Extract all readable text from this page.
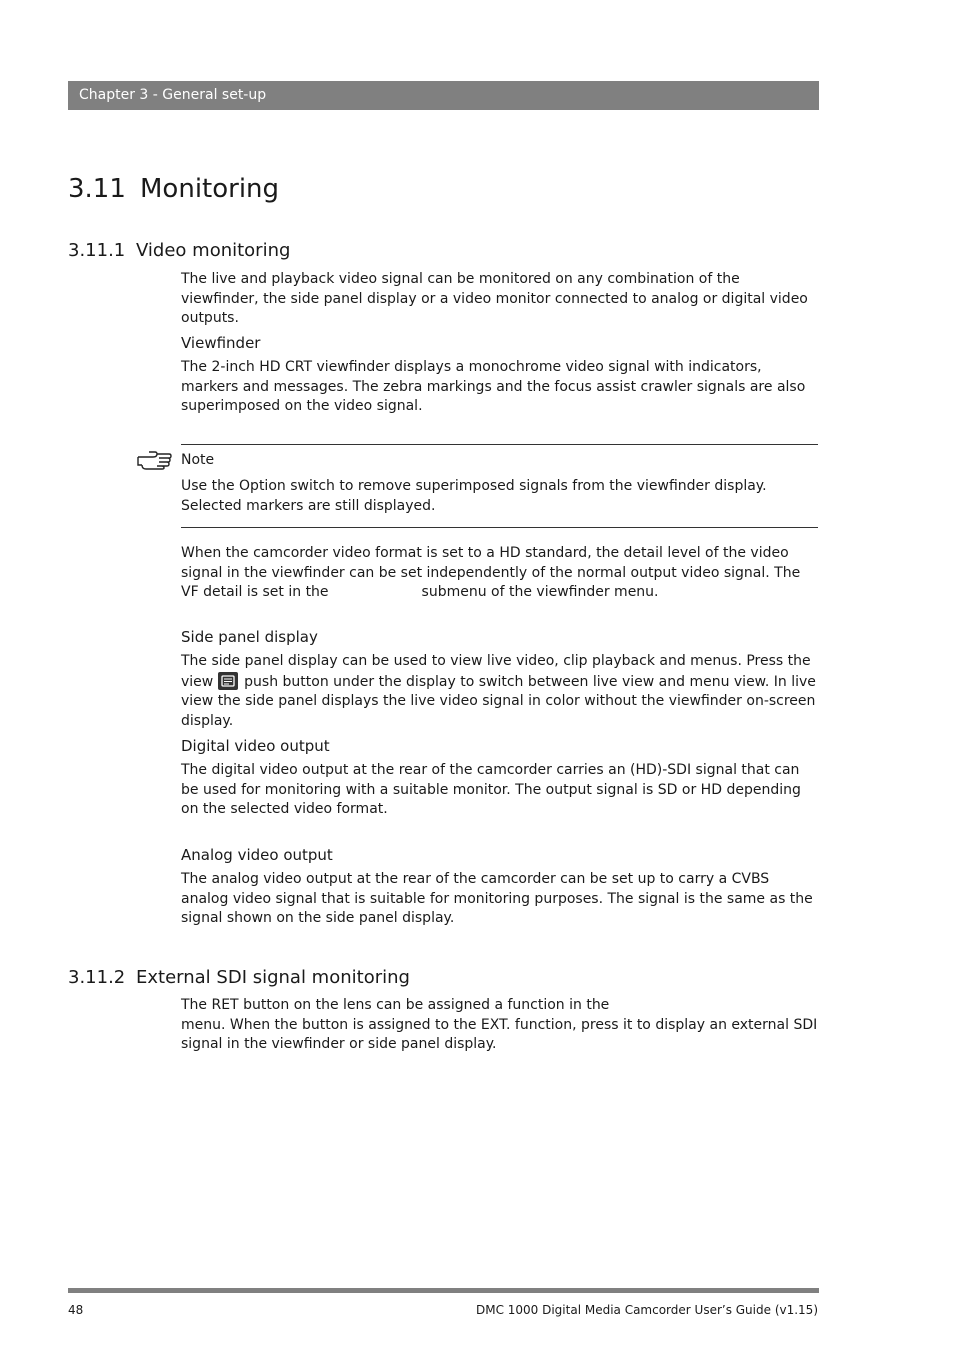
Chapter 3 - General set-up
3.11 Monitoring
3.11.1 Video monitoring

The live and playback video signal can be monitored on any combination of the viewfinder, the side panel display or a video monitor connected to analog or digital video outputs.

Viewfinder

The 2-inch HD CRT viewfinder displays a monochrome video signal with indicators, markers and messages. The zebra markings and the focus assist crawler signals are also superimposed on the video signal.

Note

Use the Option switch to remove superimposed signals from the viewfinder display. Selected markers are still displayed.

When the camcorder video format is set to a HD standard, the detail level of the video signal in the viewfinder can be set independently of the normal output video signal. The VF detail is set in the	submenu of the viewfinder menu.

Side panel display

The side panel display can be used to view live video, clip playback and menus. Press the view push button under the display to switch between live view and menu view. In live view the side panel displays the live video signal in color without the viewfinder on-screen display.

Digital video output

The digital video output at the rear of the camcorder carries an (HD)-SDI signal that can be used for monitoring with a suitable monitor. The output signal is SD or HD depending on the selected video format.

Analog video output

The analog video output at the rear of the camcorder can be set up to carry a CVBS analog video signal that is suitable for monitoring purposes. The signal is the same as the signal shown on the side panel display.

3.11.2 External SDI signal monitoring

The RET button on the lens can be assigned a function in the

menu. When the button is assigned to the EXT. function, press it to display an external SDI signal in the viewfinder or side panel display.

48	DMC 1000 Digital Media Camcorder User’s Guide (v1.15)
